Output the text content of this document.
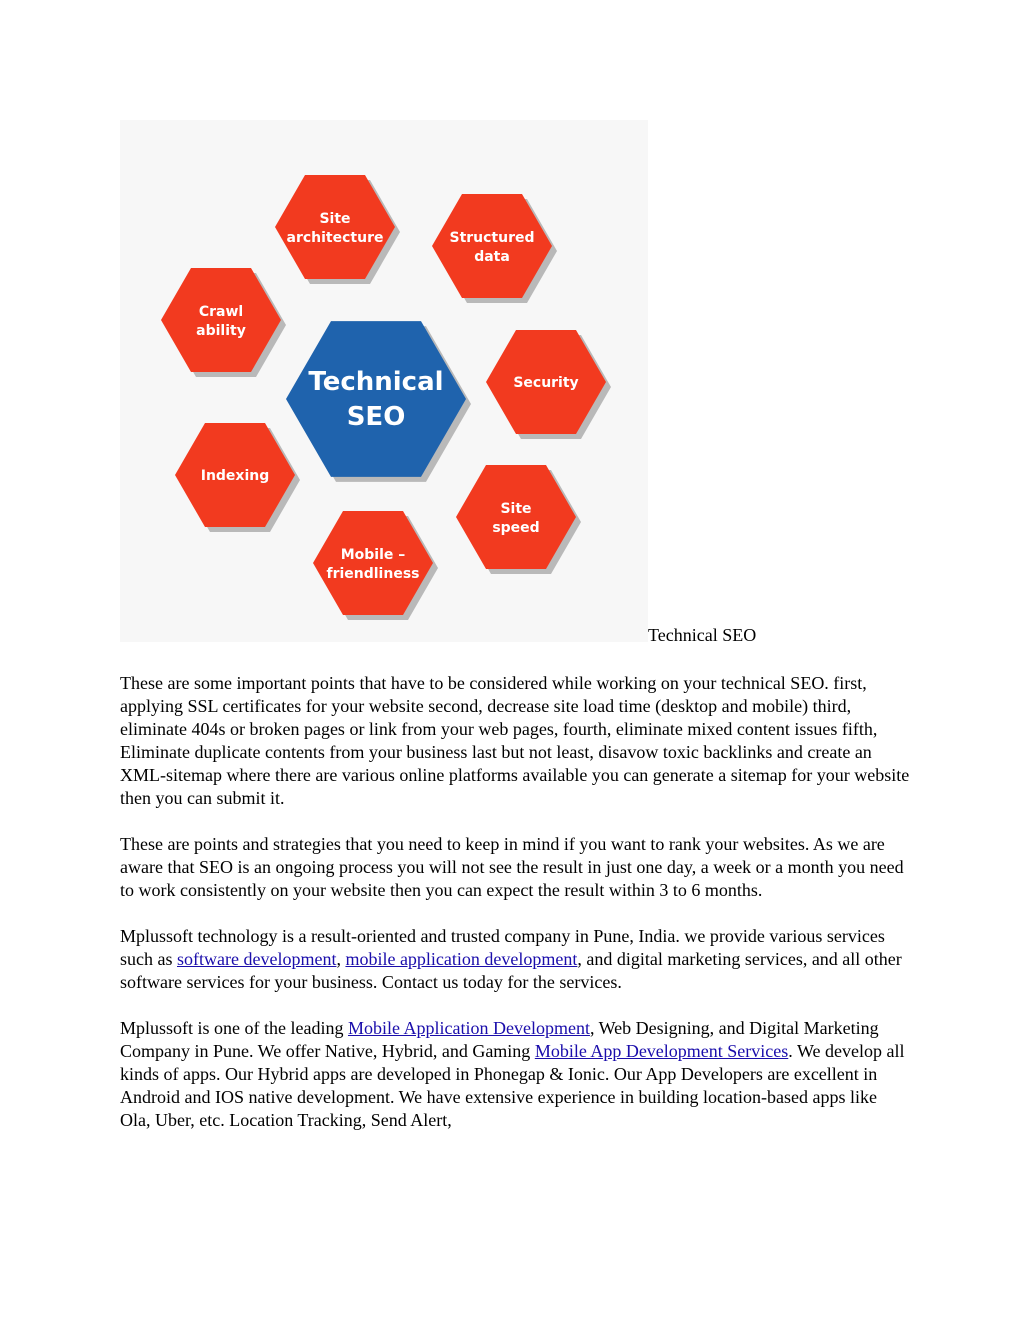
Technical
SEO
Site
architecture	Structured
data
Crawl
ability
Security
Indexing
Site
speed
Mobile –
friendliness
Technical SEO

These are some important points that have to be considered while working on your technical SEO. first, applying SSL certificates for your website second, decrease site load time (desktop and mobile) third, eliminate 404s or broken pages or link from your web pages, fourth, eliminate mixed content issues fifth, Eliminate duplicate contents from your business last but not least, disavow toxic backlinks and create an XML-sitemap where there are various online platforms available you can generate a sitemap for your website then you can submit it.

These are points and strategies that you need to keep in mind if you want to rank your websites. As we are aware that SEO is an ongoing process you will not see the result in just one day, a week or a month you need to work consistently on your website then you can expect the result within 3 to 6 months.

Mplussoft technology is a result-oriented and trusted company in Pune, India. we provide various services such as software development, mobile application development, and digital marketing services, and all other software services for your business. Contact us today for the services.

Mplussoft is one of the leading Mobile Application Development, Web Designing, and Digital Marketing Company in Pune. We offer Native, Hybrid, and Gaming Mobile App Development Services. We develop all kinds of apps. Our Hybrid apps are developed in Phonegap & Ionic. Our App Developers are excellent in Android and IOS native development. We have extensive experience in building location-based apps like Ola, Uber, etc. Location Tracking, Send Alert,
